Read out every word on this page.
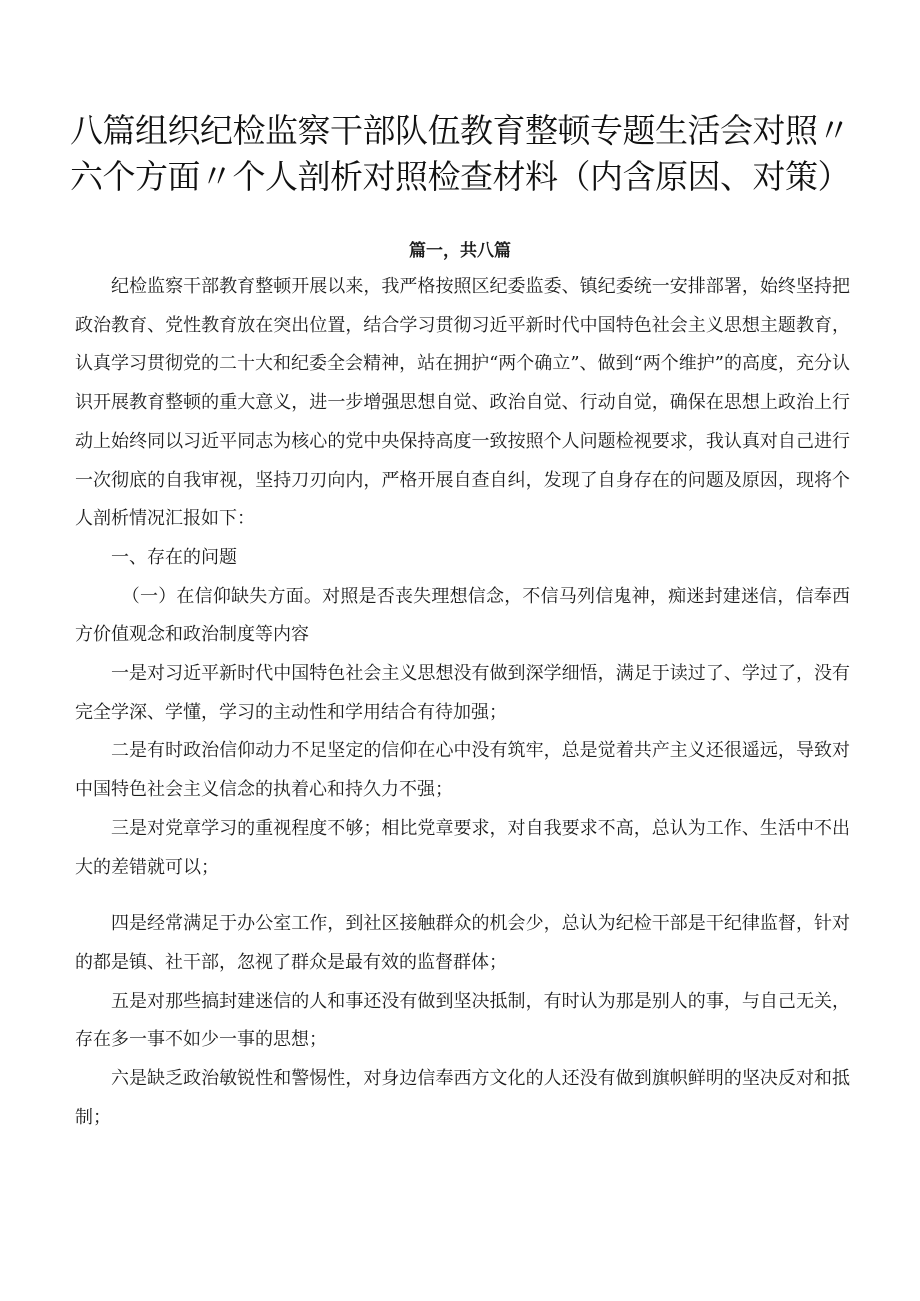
八篇组织纪检监察干部队伍教育整顿专题生活会对照〃六个方面〃个人剖析对照检查材料（内含原因、对策）

篇一，共八篇

纪检监察干部教育整顿开展以来，我严格按照区纪委监委、镇纪委统一安排部署，始终坚持把政治教育、党性教育放在突出位置，结合学习贯彻习近平新时代中国特色社会主义思想主题教育，认真学习贯彻党的二十大和纪委全会精神，站在拥护“两个确立”、做到“两个维护”的高度，充分认识开展教育整顿的重大意义，进一步增强思想自觉、政治自觉、行动自觉，确保在思想上政治上行动上始终同以习近平同志为核心的党中央保持高度一致按照个人问题检视要求，我认真对自己进行一次彻底的自我审视，坚持刀刃向内，严格开展自查自纠，发现了自身存在的问题及原因，现将个人剖析情况汇报如下：

一、存在的问题

（一）在信仰缺失方面。对照是否丧失理想信念，不信马列信鬼神，痴迷封建迷信，信奉西方价值观念和政治制度等内容

一是对习近平新时代中国特色社会主义思想没有做到深学细悟，满足于读过了、学过了，没有完全学深、学懂，学习的主动性和学用结合有待加强；

二是有时政治信仰动力不足坚定的信仰在心中没有筑牢，总是觉着共产主义还很遥远，导致对中国特色社会主义信念的执着心和持久力不强；

三是对党章学习的重视程度不够；相比党章要求，对自我要求不高，总认为工作、生活中不出大的差错就可以；

四是经常满足于办公室工作，到社区接触群众的机会少，总认为纪检干部是干纪律监督，针对的都是镇、社干部，忽视了群众是最有效的监督群体；

五是对那些搞封建迷信的人和事还没有做到坚决抵制，有时认为那是别人的事，与自己无关，存在多一事不如少一事的思想；

六是缺乏政治敏锐性和警惕性，对身边信奉西方文化的人还没有做到旗帜鲜明的坚决反对和抵制；
